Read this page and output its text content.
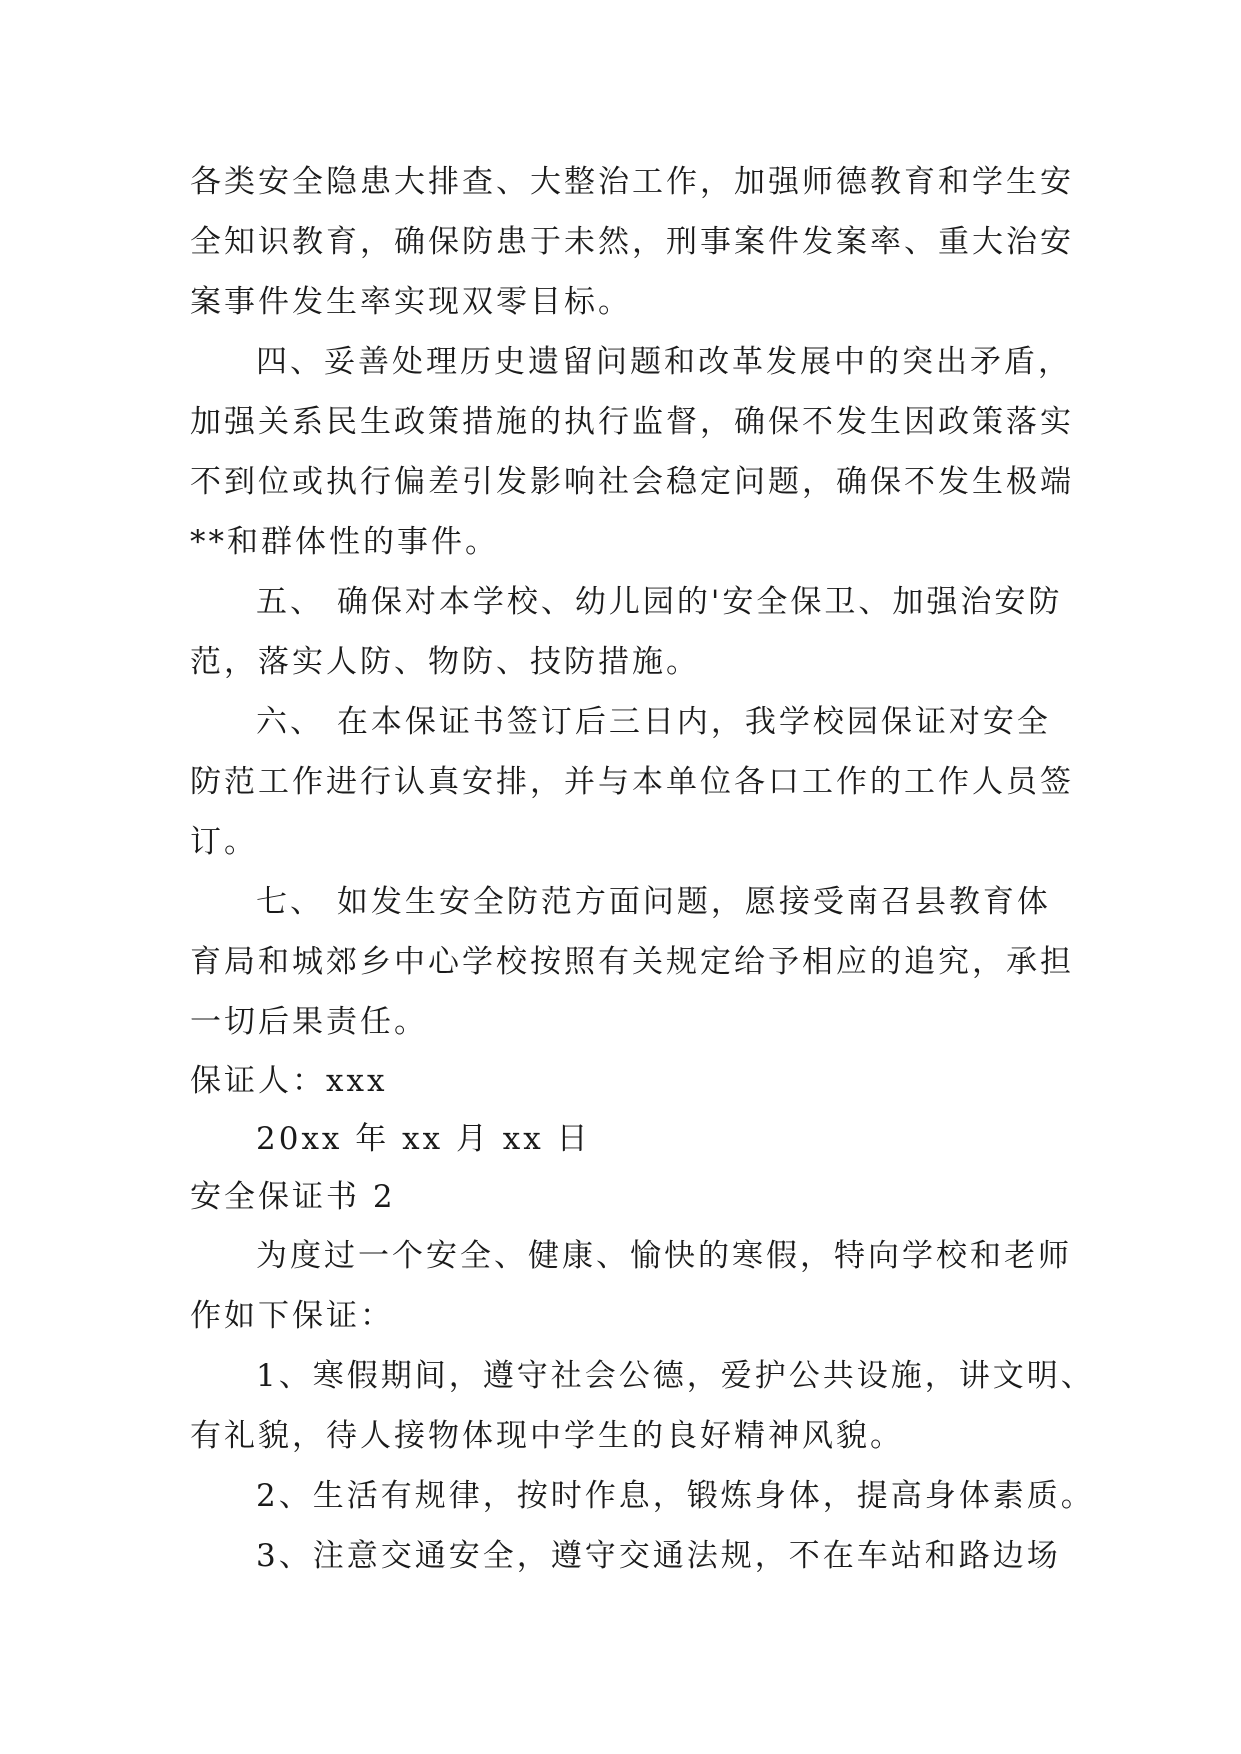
各类安全隐患大排查、大整治工作，加强师德教育和学生安
全知识教育，确保防患于未然，刑事案件发案率、重大治安
案事件发生率实现双零目标。
四、妥善处理历史遗留问题和改革发展中的突出矛盾，
加强关系民生政策措施的执行监督，确保不发生因政策落实
不到位或执行偏差引发影响社会稳定问题，确保不发生极端
**和群体性的事件。
五、 确保对本学校、幼儿园的'安全保卫、加强治安防
范，落实人防、物防、技防措施。
六、 在本保证书签订后三日内，我学校园保证对安全
防范工作进行认真安排，并与本单位各口工作的工作人员签
订。
七、 如发生安全防范方面问题，愿接受南召县教育体
育局和城郊乡中心学校按照有关规定给予相应的追究，承担
一切后果责任。
保证人：xxx
20xx 年 xx 月 xx 日
安全保证书 2
为度过一个安全、健康、愉快的寒假，特向学校和老师
作如下保证：
1、寒假期间，遵守社会公德，爱护公共设施，讲文明、
有礼貌，待人接物体现中学生的良好精神风貌。
2、生活有规律，按时作息，锻炼身体，提高身体素质。
3、注意交通安全，遵守交通法规，不在车站和路边场
